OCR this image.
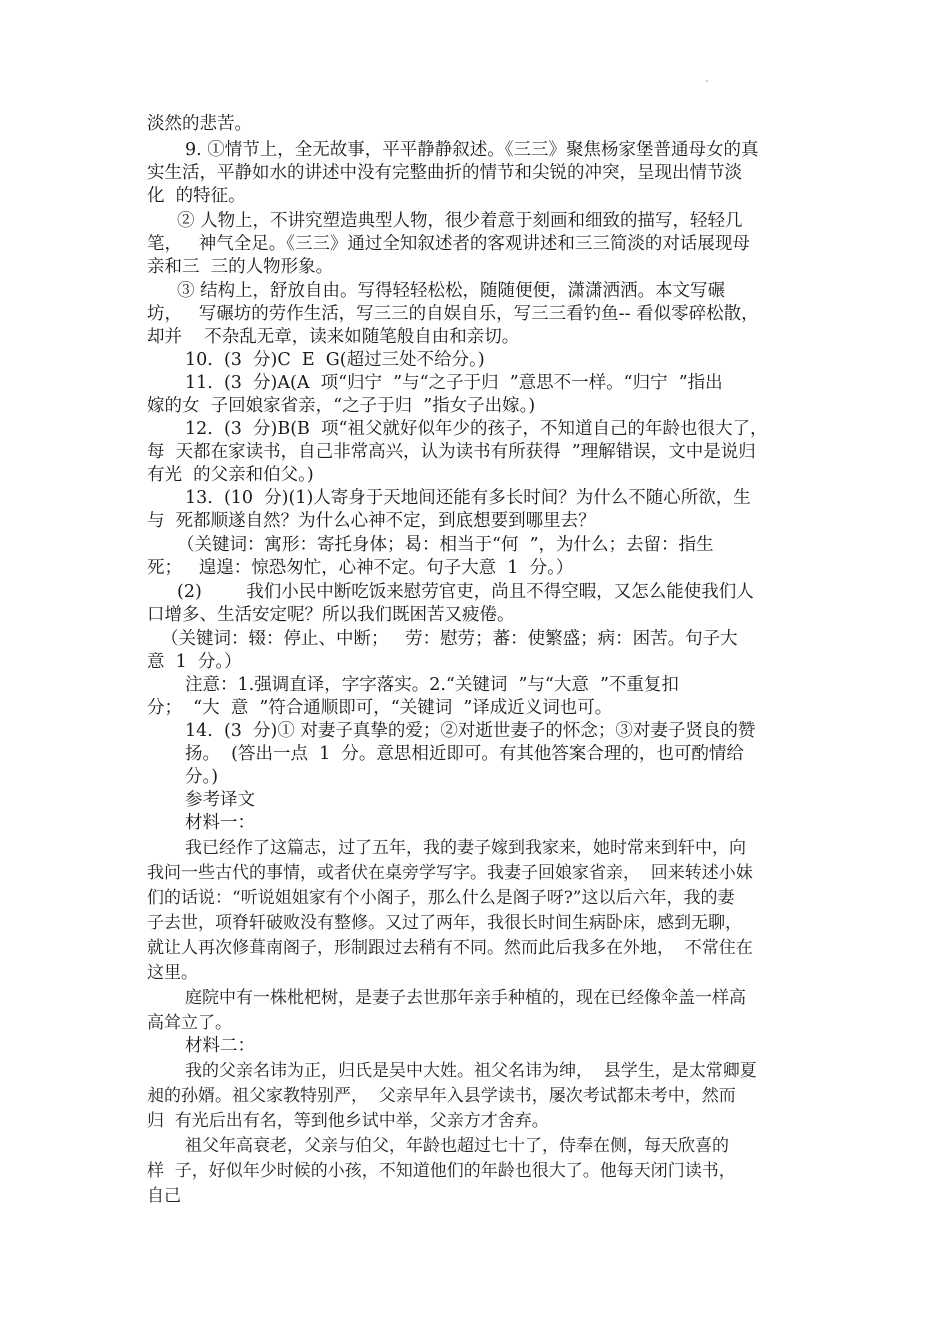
淡然的悲苦。
9. ①情节上，全无故事，平平静静叙述。《三三》聚焦杨家堡普通母女的真
实生活，平静如水的讲述中没有完整曲折的情节和尖锐的冲突，呈现出情节淡
化  的特征。
② 人物上，不讲究塑造典型人物，很少着意于刻画和细致的描写，轻轻几
笔，   神气全足。《三三》通过全知叙述者的客观讲述和三三简淡的对话展现母
亲和三  三的人物形象。
③ 结构上，舒放自由。写得轻轻松松，随随便便，潇潇洒洒。本文写碾
坊，   写碾坊的劳作生活，写三三的自娱自乐，写三三看钓鱼-- 看似零碎松散，
却并    不杂乱无章，读来如随笔般自由和亲切。
10.  (3  分)C  E  G(超过三处不给分。)
11.  (3  分)A(A  项“归宁  ”与“之子于归  ”意思不一样。“归宁  ”指出
嫁的女  子回娘家省亲，“之子于归  ”指女子出嫁。)
12.  (3  分)B(B  项“祖父就好似年少的孩子，不知道自己的年龄也很大了，
每  天都在家读书，自己非常高兴，认为读书有所获得  ”理解错误，文中是说归
有光  的父亲和伯父。)
13.  (10  分)(1)人寄身于天地间还能有多长时间？为什么不随心所欲，生
与  死都顺遂自然？为什么心神不定，到底想要到哪里去？
（关键词：寓形：寄托身体；曷：相当于“何  ”，为什么；去留：指生
死；   遑遑：惊恐匆忙，心神不定。句子大意  1  分。）
(2)        我们小民中断吃饭来慰劳官吏，尚且不得空暇，又怎么能使我们人
口增多、生活安定呢？所以我们既困苦又疲倦。
（关键词：辍：停止、中断；   劳：慰劳；蕃：使繁盛；病：困苦。句子大
意  1  分。）
注意：1.强调直译，字字落实。2.“关键词  ”与“大意  ”不重复扣
分；  “大  意  ”符合通顺即可，“关键词  ”译成近义词也可。
14.  (3  分)① 对妻子真挚的爱；②对逝世妻子的怀念；③对妻子贤良的赞
扬。  (答出一点  1  分。意思相近即可。有其他答案合理的，也可酌情给
分。)
参考译文
材料一：
我已经作了这篇志，过了五年，我的妻子嫁到我家来，她时常来到轩中，向
我问一些古代的事情，或者伏在桌旁学写字。我妻子回娘家省亲，  回来转述小妹
们的话说：“听说姐姐家有个小阁子，那么什么是阁子呀?”这以后六年，我的妻
子去世，项脊轩破败没有整修。又过了两年，我很长时间生病卧床，感到无聊，
就让人再次修葺南阁子，形制跟过去稍有不同。然而此后我多在外地，  不常住在
这里。
庭院中有一株枇杷树，是妻子去世那年亲手种植的，现在已经像伞盖一样高
高耸立了。
材料二：
我的父亲名讳为正，归氏是吴中大姓。祖父名讳为绅，  县学生，是太常卿夏
昶的孙婿。祖父家教特别严，  父亲早年入县学读书，屡次考试都未考中，然而
归  有光后出有名，等到他乡试中举，父亲方才舍弃。
祖父年高衰老，父亲与伯父，年龄也超过七十了，侍奉在侧，每天欣喜的
样  子，好似年少时候的小孩，不知道他们的年龄也很大了。他每天闭门读书，
自己
